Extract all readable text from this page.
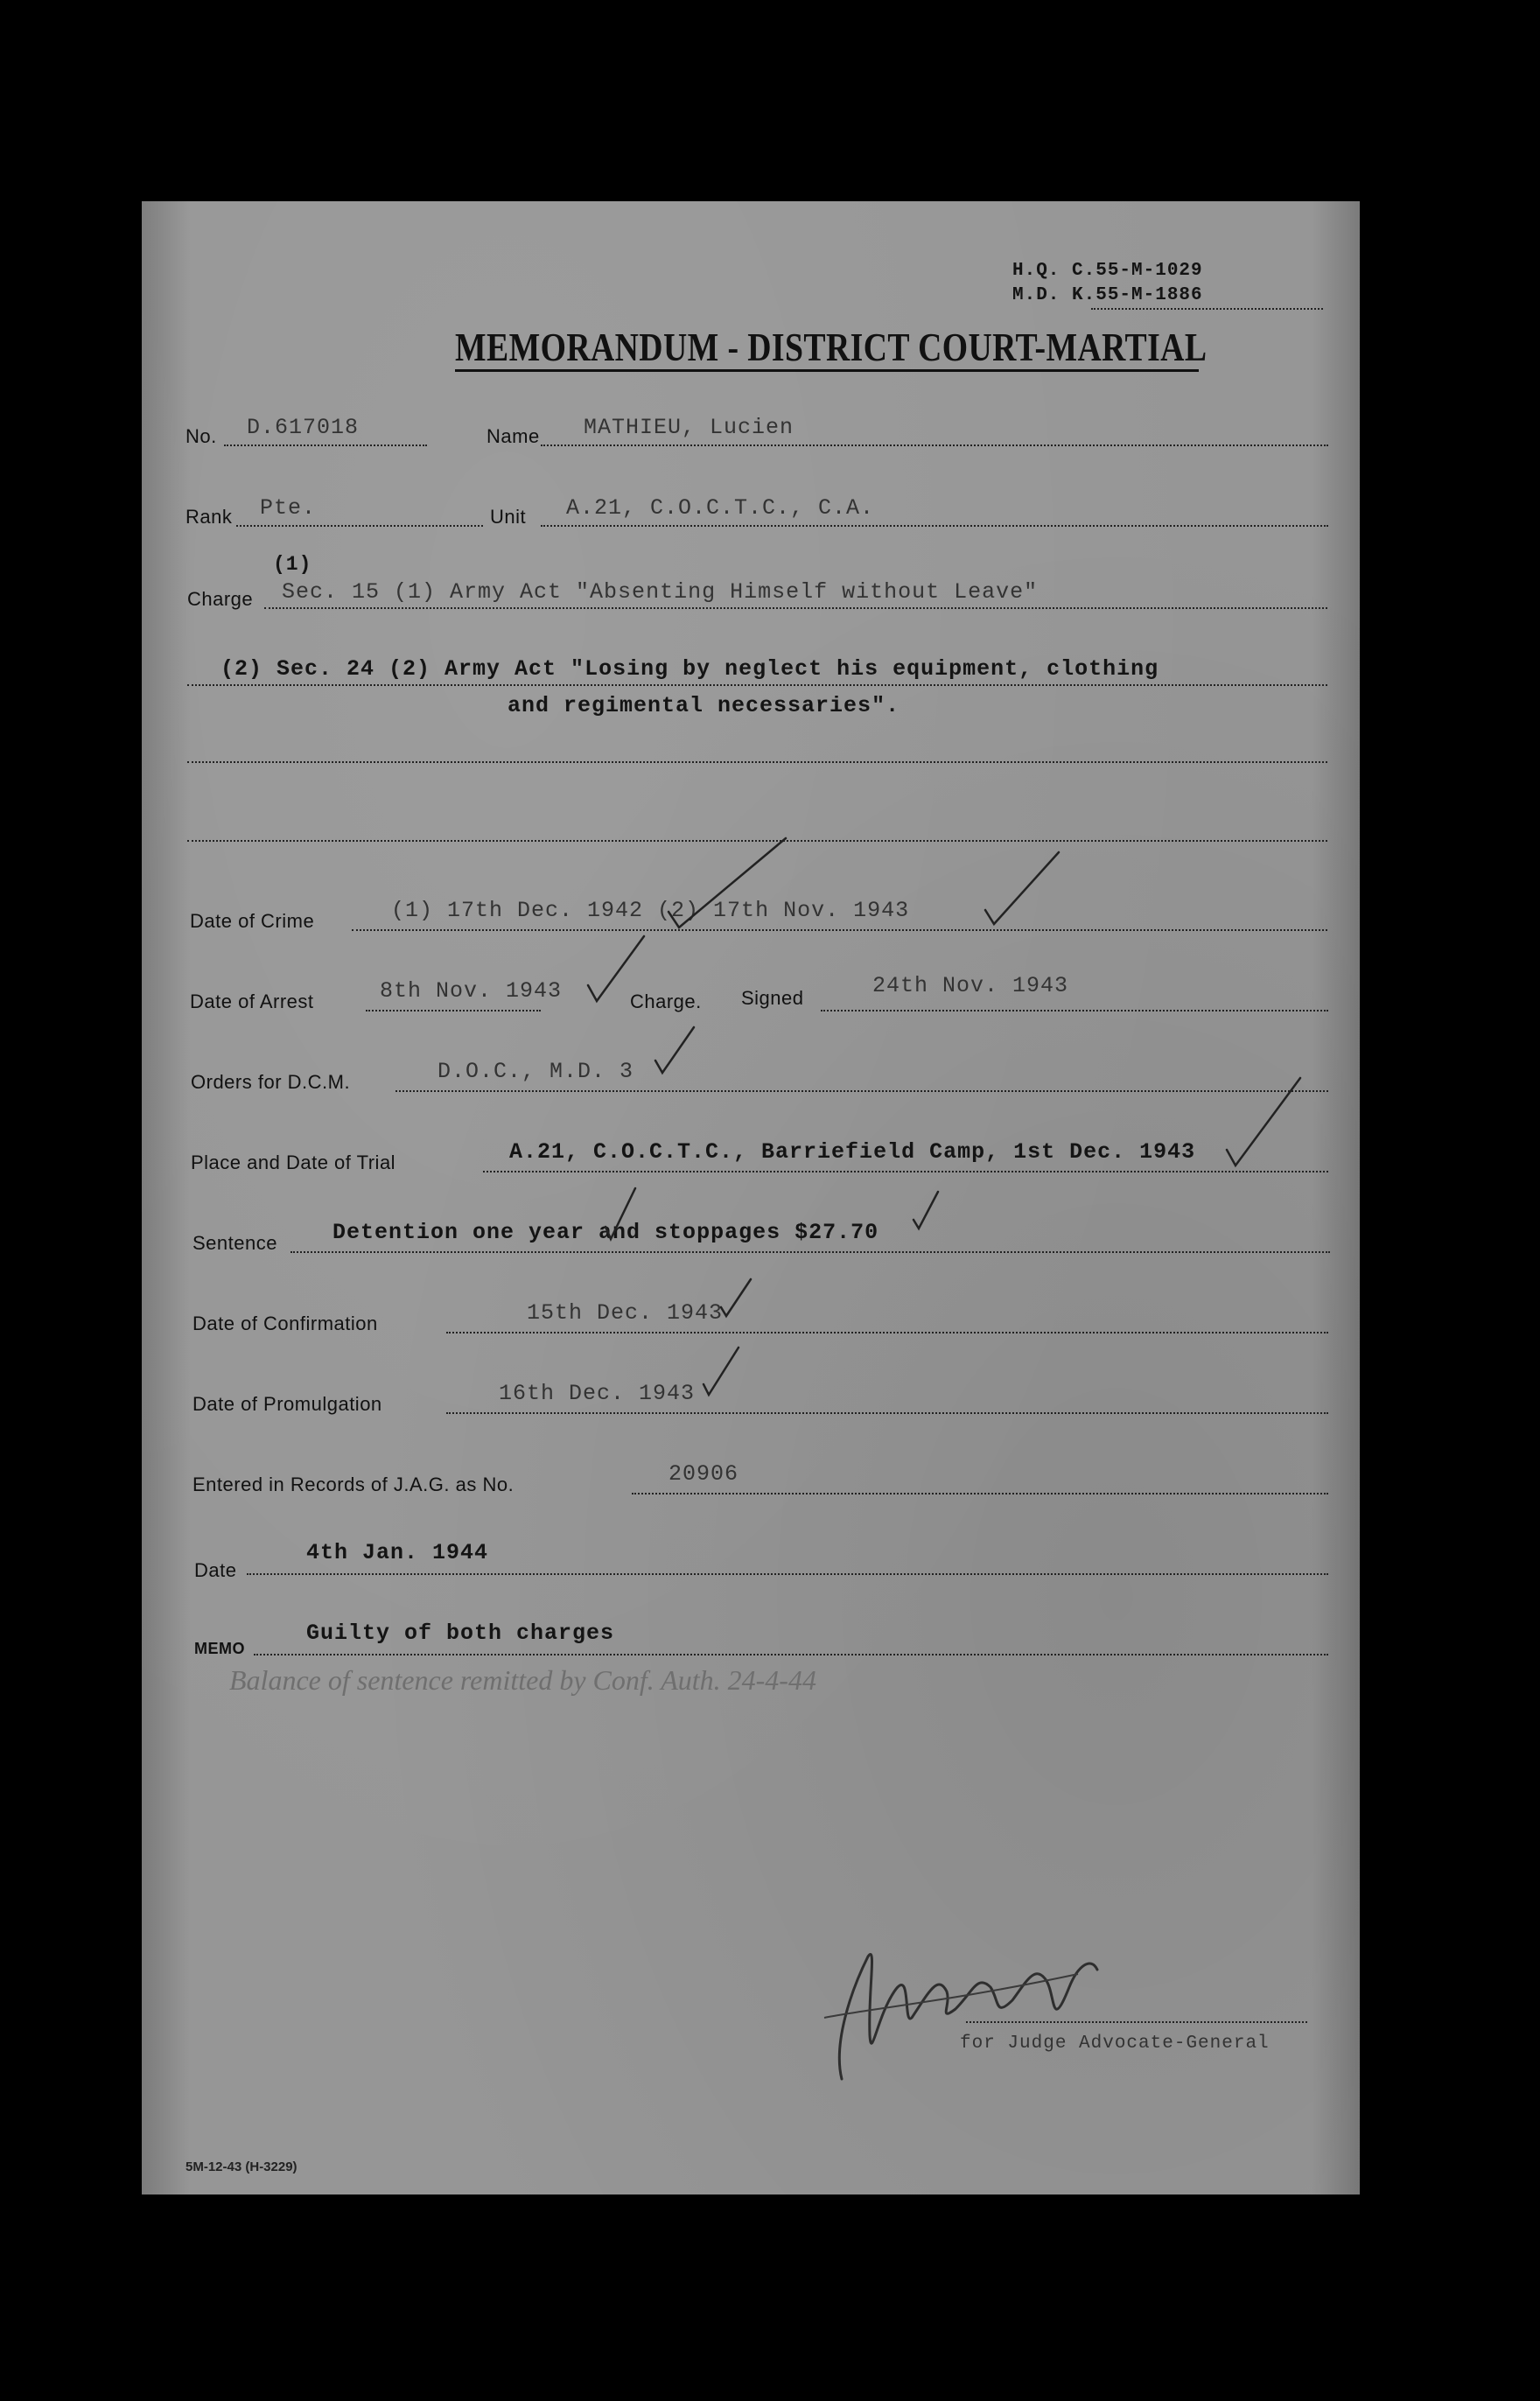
H.Q. C.55-M-1029
M.D. K.55-M-1886
MEMORANDUM - DISTRICT COURT-MARTIAL
No. D.617018	Name MATHIEU, Lucien
Rank Pte.	Unit A.21, C.O.C.T.C., C.A.
(1)
Charge Sec. 15 (1) Army Act "Absenting Himself without Leave"
(2) Sec. 24 (2) Army Act "Losing by neglect his equipment, clothing
and regimental necessaries".
Date of Crime	(1) 17th Dec. 1942 (2) 17th Nov. 1943
Date of Arrest	8th Nov. 1943	Charge. Signed	24th Nov. 1943
Orders for D.C.M.	D.O.C., M.D. 3
Place and Date of Trial	A.21, C.O.C.T.C., Barriefield Camp, 1st Dec. 1943
Sentence	Detention one year and stoppages $27.70
Date of Confirmation	15th Dec. 1943
Date of Promulgation	16th Dec. 1943
Entered in Records of J.A.G. as No.	20906
Date
4th Jan. 1944
MEMO
Guilty of both charges
Balance of sentence remitted by Conf. Auth. 24-4-44
for Judge Advocate-General
5M-12-43 (H-3229)
